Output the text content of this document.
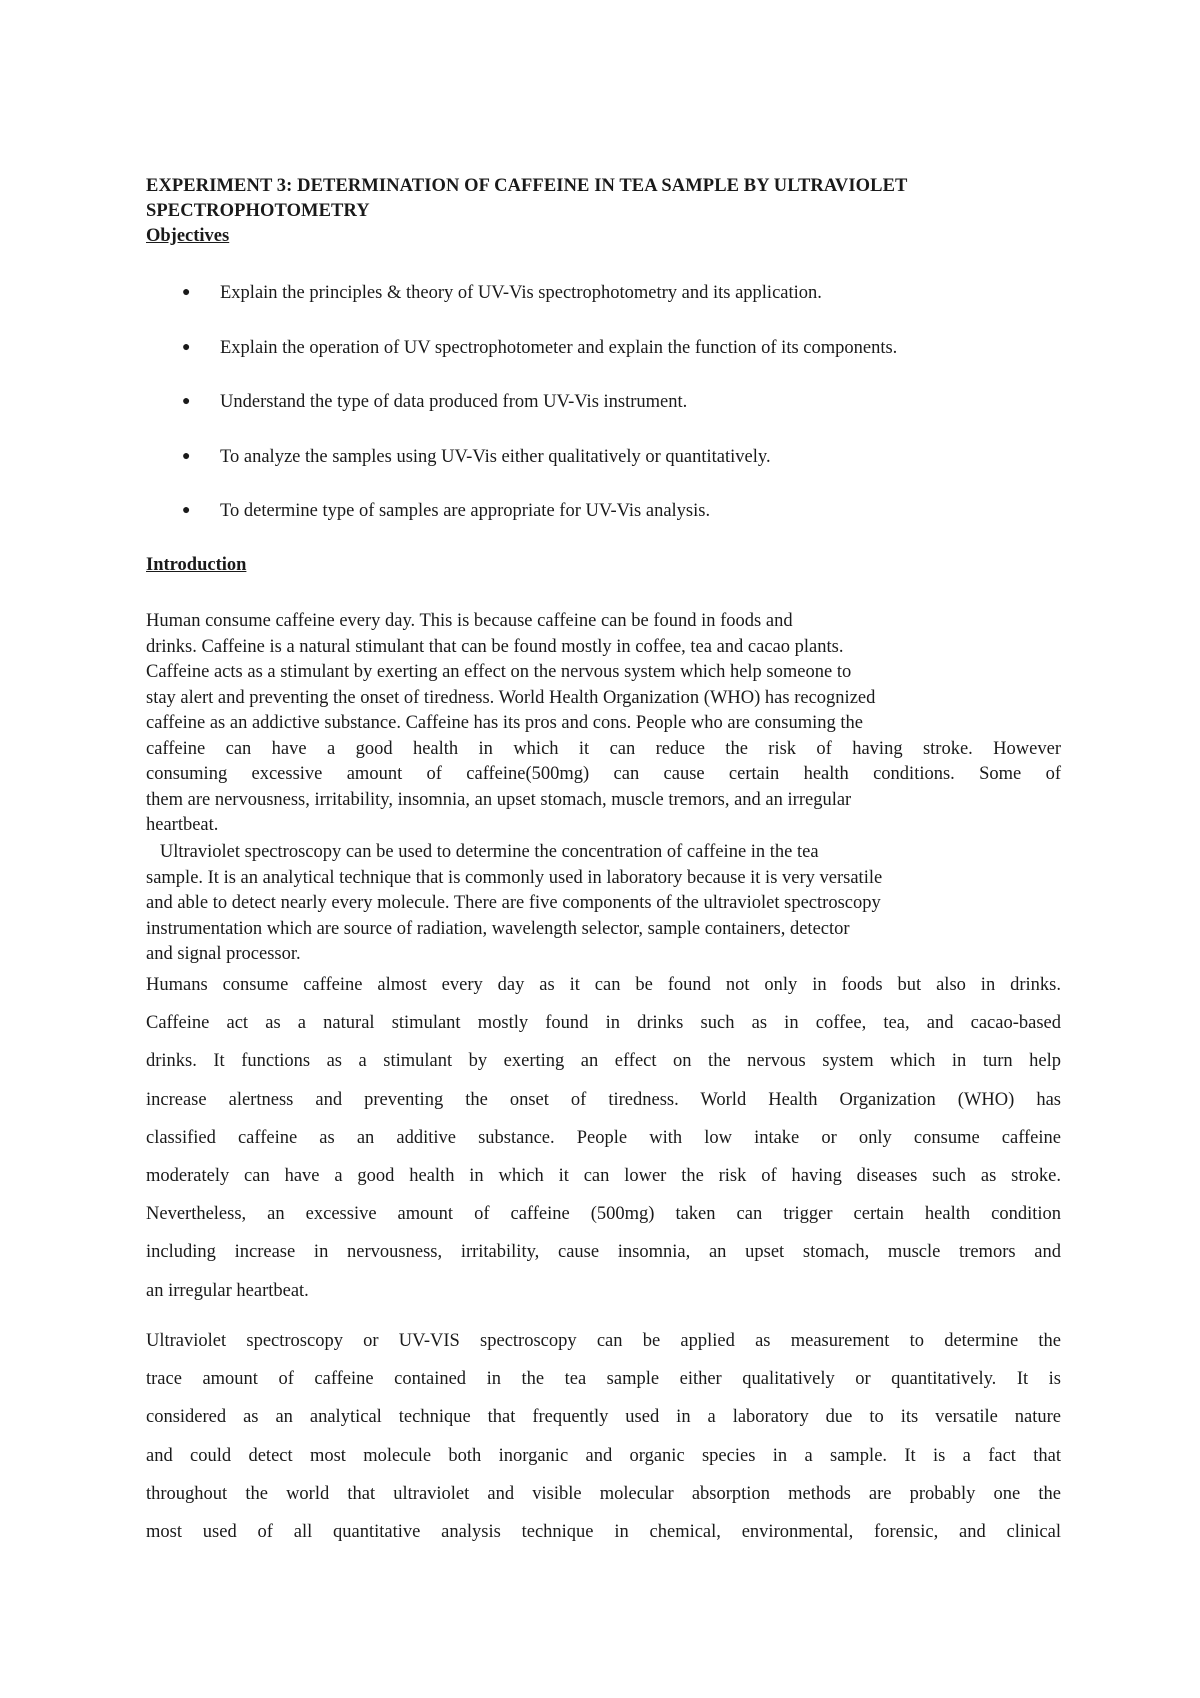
EXPERIMENT 3: DETERMINATION OF CAFFEINE IN TEA SAMPLE BY ULTRAVIOLET
SPECTROPHOTOMETRY
Objectives
● Explain the principles & theory of UV-Vis spectrophotometry and its application.
● Explain the operation of UV spectrophotometer and explain the function of its components.
● Understand the type of data produced from UV-Vis instrument.
● To analyze the samples using UV-Vis either qualitatively or quantitatively.
● To determine type of samples are appropriate for UV-Vis analysis.
Introduction
Human consume caffeine every day. This is because caffeine can be found in foods and
drinks. Caffeine is a natural stimulant that can be found mostly in coffee, tea and cacao plants.
Caffeine acts as a stimulant by exerting an effect on the nervous system which help someone to
stay alert and preventing the onset of tiredness. World Health Organization (WHO) has recognized
caffeine as an addictive substance. Caffeine has its pros and cons. People who are consuming the
caffeine can have a good health in which it can reduce the risk of having stroke. However
consuming excessive amount of caffeine(500mg) can cause certain health conditions. Some of
them are nervousness, irritability, insomnia, an upset stomach, muscle tremors, and an irregular
heartbeat.
Ultraviolet spectroscopy can be used to determine the concentration of caffeine in the tea
sample. It is an analytical technique that is commonly used in laboratory because it is very versatile
and able to detect nearly every molecule. There are five components of the ultraviolet spectroscopy
instrumentation which are source of radiation, wavelength selector, sample containers, detector
and signal processor.
Humans consume caffeine almost every day as it can be found not only in foods but also in drinks.
Caffeine act as a natural stimulant mostly found in drinks such as in coffee, tea, and cacao-based
drinks. It functions as a stimulant by exerting an effect on the nervous system which in turn help
increase alertness and preventing the onset of tiredness. World Health Organization (WHO) has
classified caffeine as an additive substance. People with low intake or only consume caffeine
moderately can have a good health in which it can lower the risk of having diseases such as stroke.
Nevertheless, an excessive amount of caffeine (500mg) taken can trigger certain health condition
including increase in nervousness, irritability, cause insomnia, an upset stomach, muscle tremors and
an irregular heartbeat.
Ultraviolet spectroscopy or UV-VIS spectroscopy can be applied as measurement to determine the
trace amount of caffeine contained in the tea sample either qualitatively or quantitatively. It is
considered as an analytical technique that frequently used in a laboratory due to its versatile nature
and could detect most molecule both inorganic and organic species in a sample. It is a fact that
throughout the world that ultraviolet and visible molecular absorption methods are probably one the
most used of all quantitative analysis technique in chemical, environmental, forensic, and clinical
